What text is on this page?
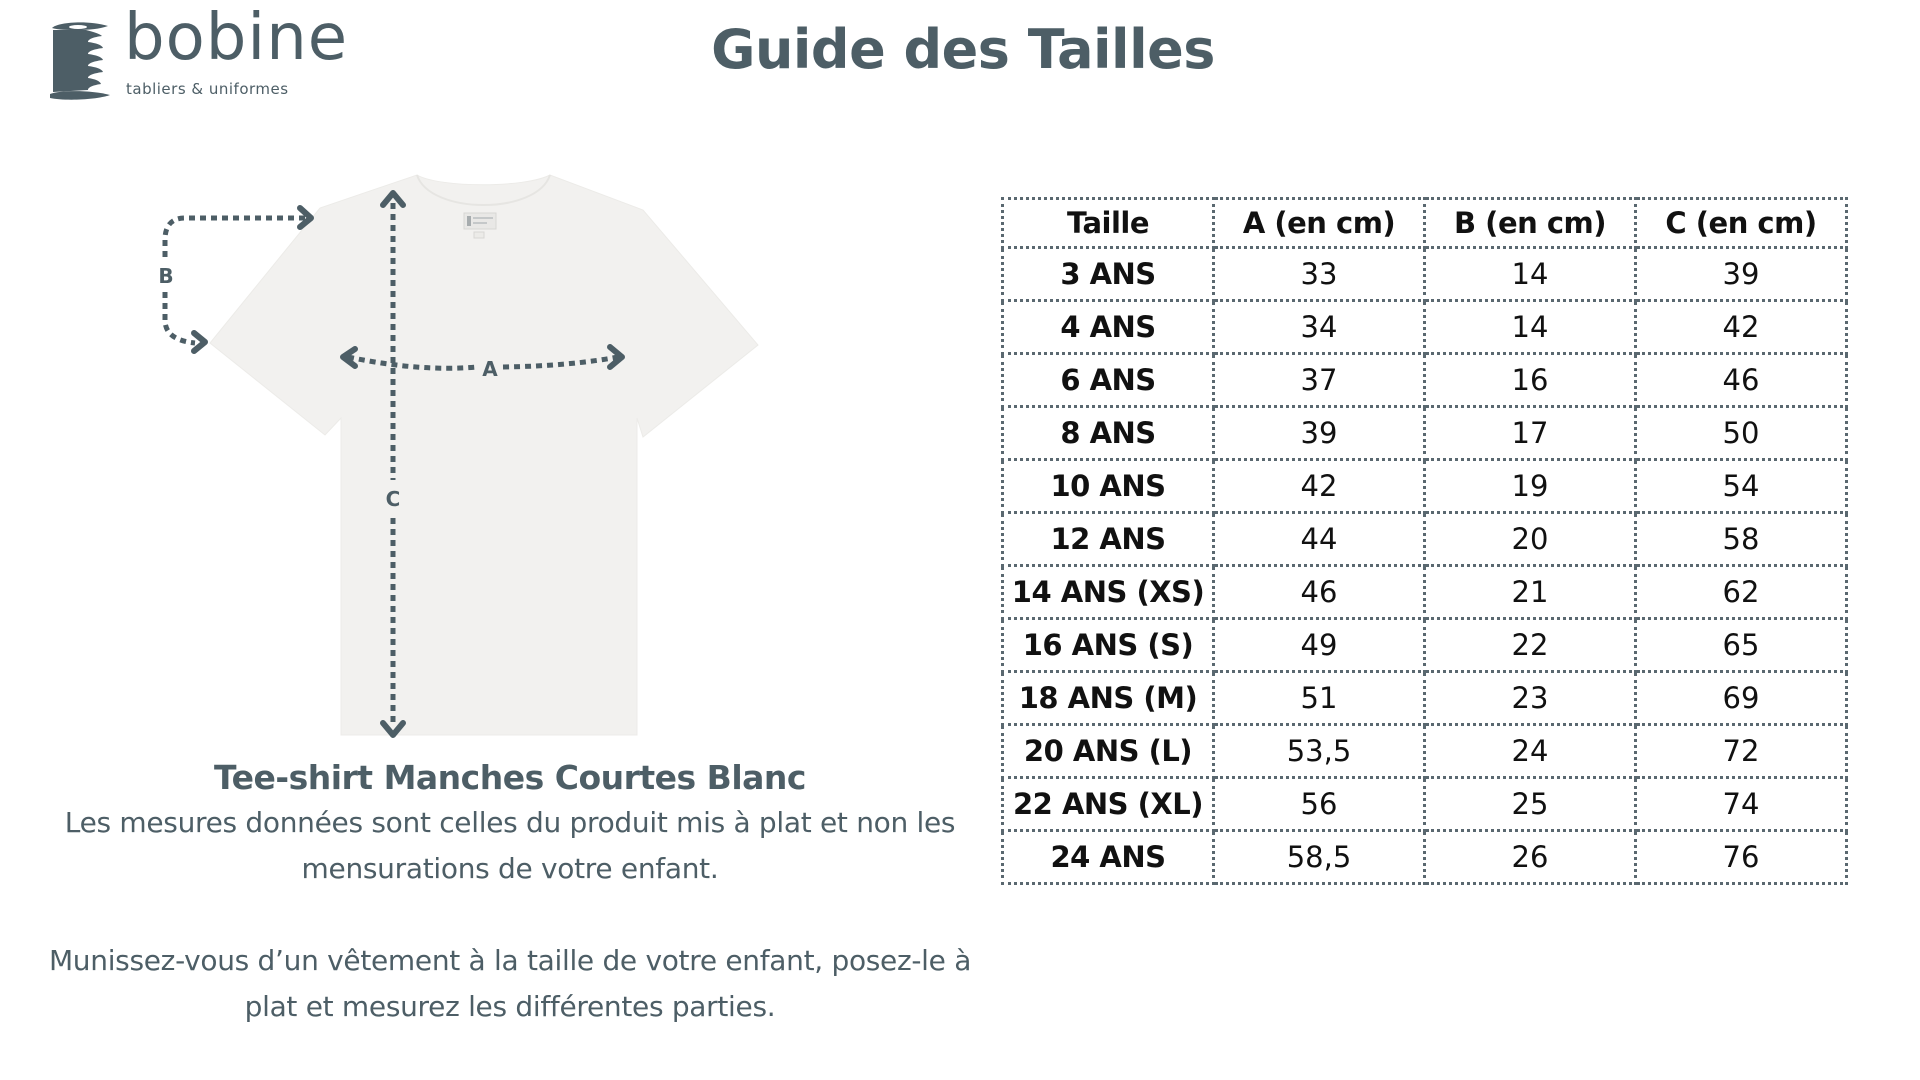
bobine
tabliers & uniformes
Guide des Tailles
A
B
C
Tee-shirt Manches Courtes Blanc
Les mesures données sont celles du produit mis à plat et non les mensurations de votre enfant.
Munissez-vous d’un vêtement à la taille de votre enfant, posez-le à plat et mesurez les différentes parties.
Taille	A (en cm)	B (en cm)	C (en cm)
3 ANS	33	14	39
4 ANS	34	14	42
6 ANS	37	16	46
8 ANS	39	17	50
10 ANS	42	19	54
12 ANS	44	20	58
14 ANS (XS)	46	21	62
16 ANS (S)	49	22	65
18 ANS (M)	51	23	69
20 ANS (L)	53,5	24	72
22 ANS (XL)	56	25	74
24 ANS	58,5	26	76
